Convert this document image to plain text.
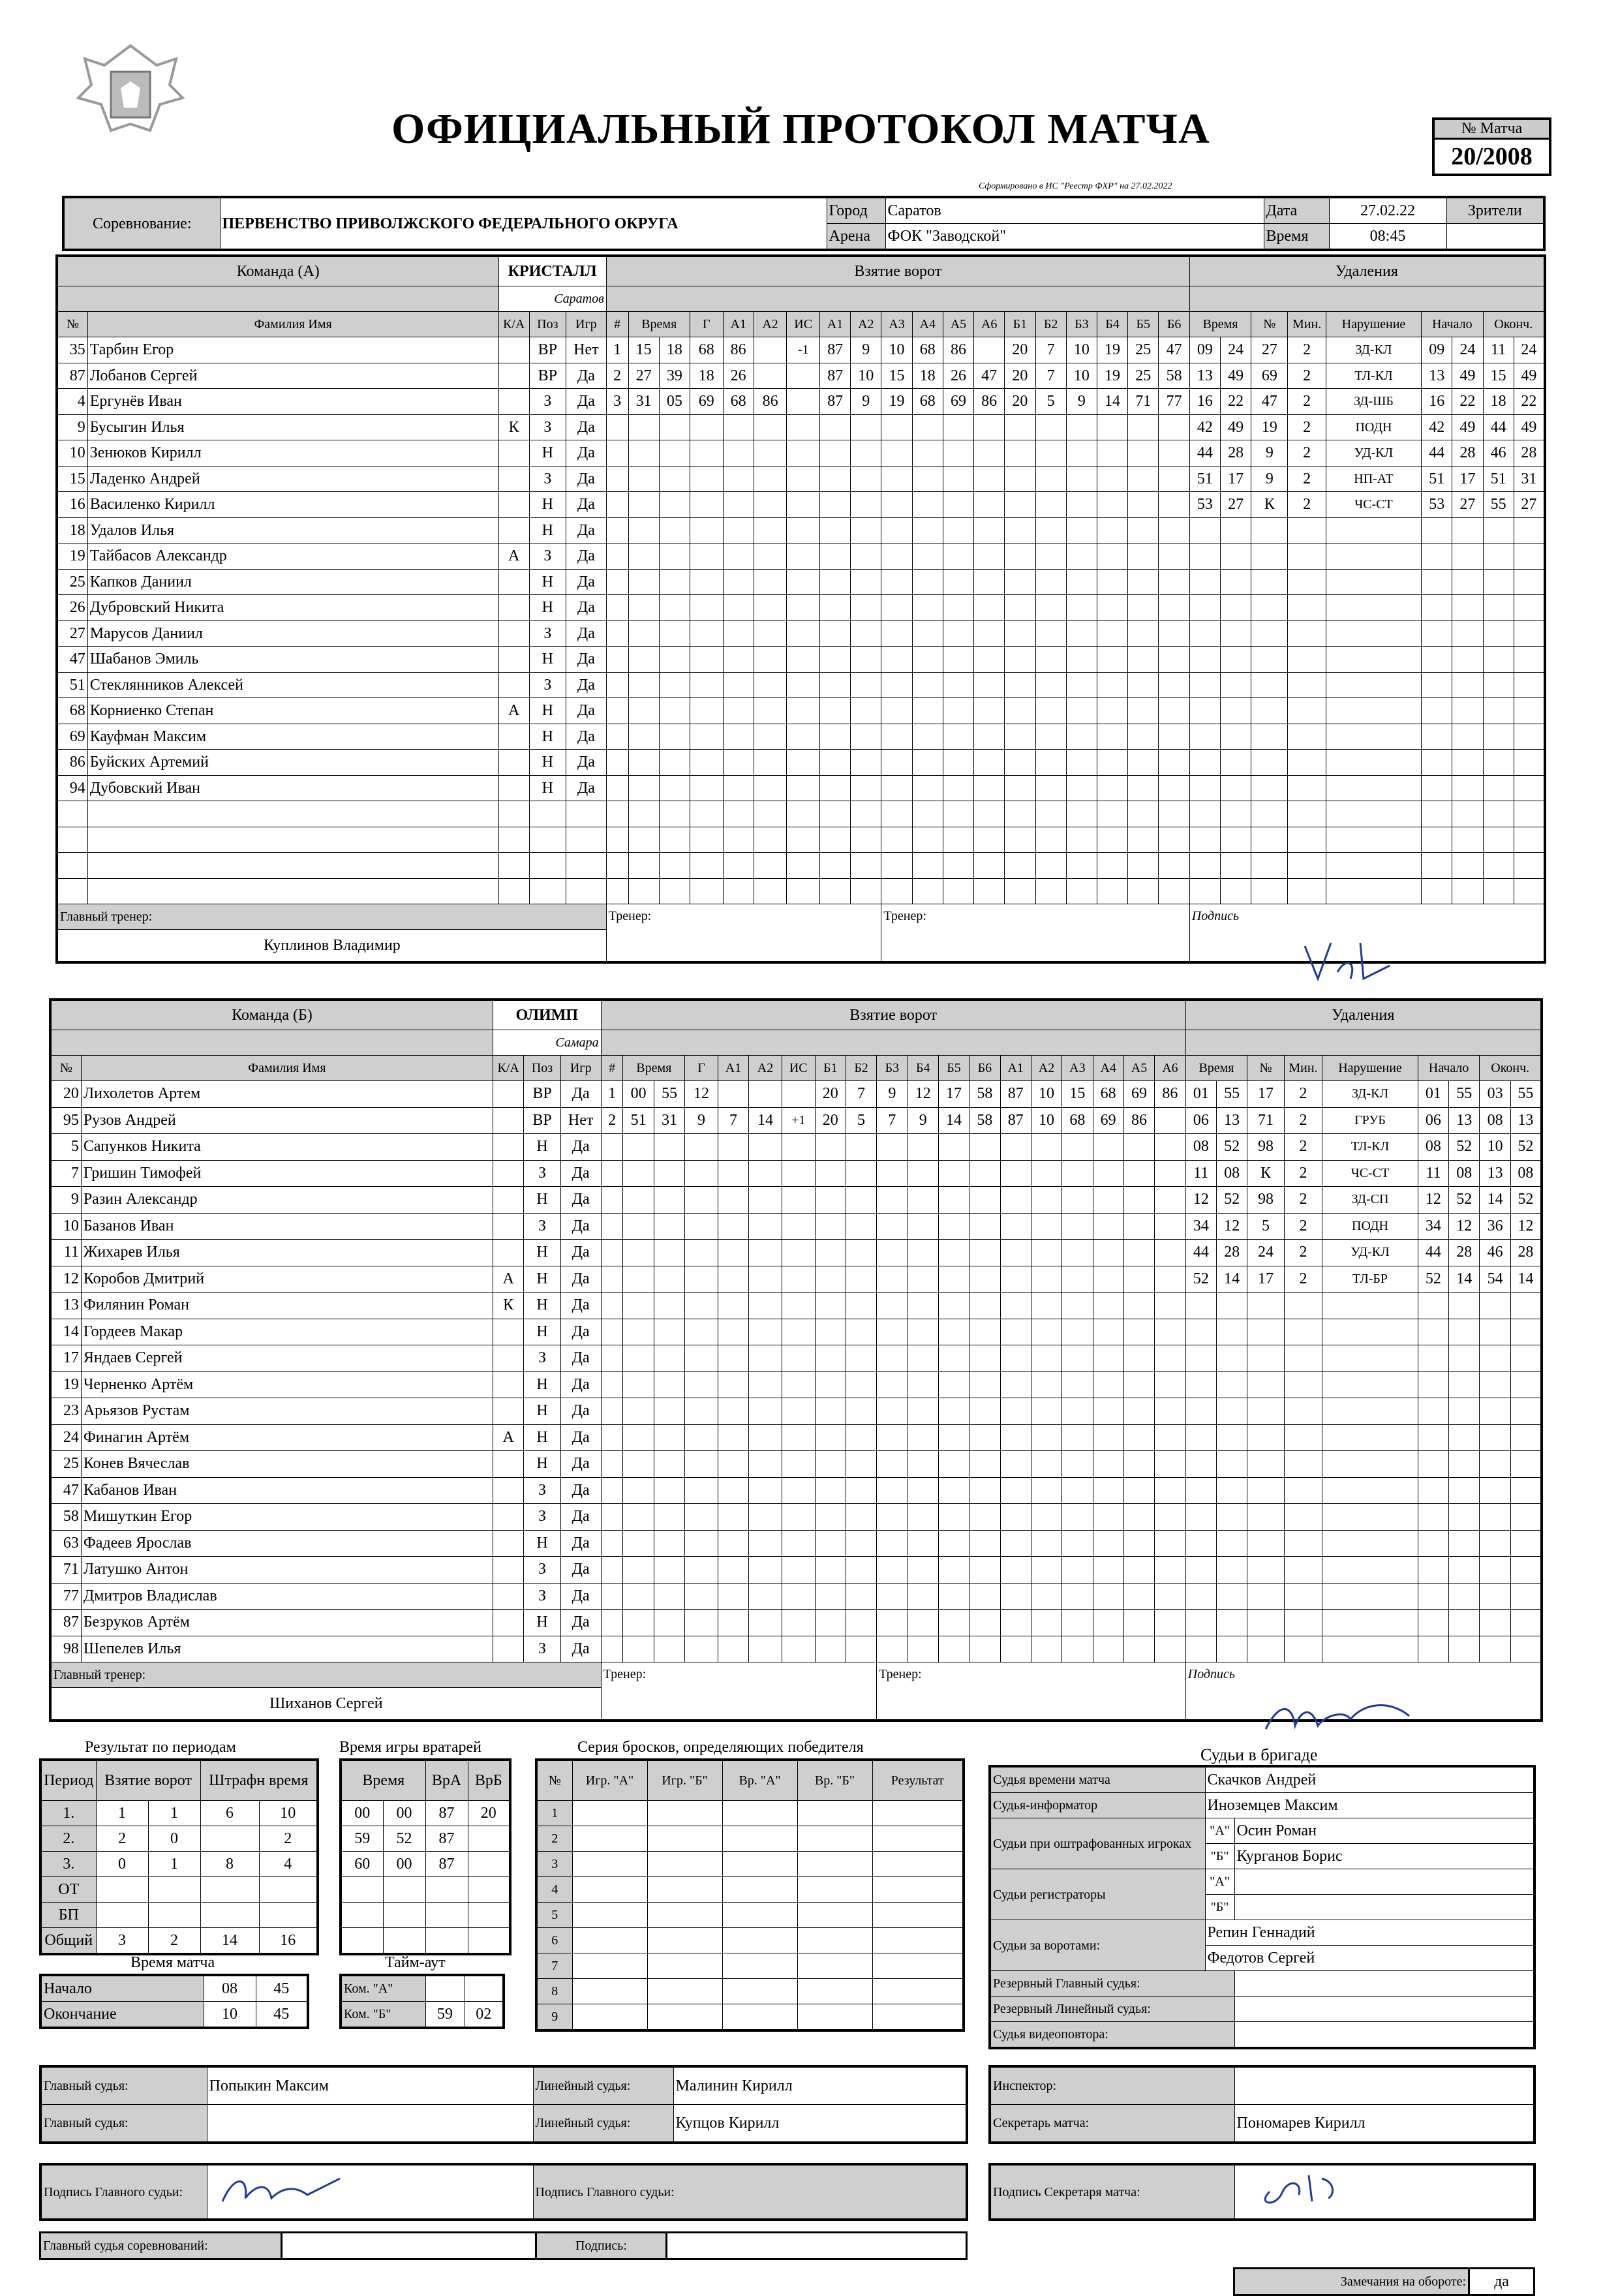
ОФИЦИАЛЬНЫЙ ПРОТОКОЛ МАТЧА
Сформировано в ИС "Реестр ФХР" на 27.02.2022
№ Матча
20/2008
Соревнование:	ПЕРВЕНСТВО ПРИВОЛЖСКОГО ФЕДЕРАЛЬНОГО ОКРУГА	Город	Саратов	Дата	27.02.22	Зрители
		Арена	ФОК "Заводской"	Время	08:45	
Команда (А)		КРИСТАЛЛ			Взятие ворот																			Удаления								
		Саратов																														
№	Фамилия Имя	К/А	Поз	Игр	#	Время		Г	А1	А2	ИС	А1	А2	А3	А4	А5	А6	Б1	Б2	Б3	Б4	Б5	Б6	Время		№	Мин.	Нарушение	Начало		Оконч.	
35	Тарбин Егор		ВР	Нет	1	15	18	68	86		-1	87	9	10	68	86		20	7	10	19	25	47	09	24	27	2	ЗД-КЛ	09	24	11	24
87	Лобанов Сергей		ВР	Да	2	27	39	18	26			87	10	15	18	26	47	20	7	10	19	25	58	13	49	69	2	ТЛ-КЛ	13	49	15	49
4	Ергунёв Иван		З	Да	3	31	05	69	68	86		87	9	19	68	69	86	20	5	9	14	71	77	16	22	47	2	ЗД-ШБ	16	22	18	22
9	Бусыгин Илья	К	З	Да																				42	49	19	2	ПОДН	42	49	44	49
10	Зенюков Кирилл		Н	Да																				44	28	9	2	УД-КЛ	44	28	46	28
15	Ладенко Андрей		З	Да																				51	17	9	2	НП-АТ	51	17	51	31
16	Василенко Кирилл		Н	Да																				53	27	К	2	ЧС-СТ	53	27	55	27
18	Удалов Илья		Н	Да																												
19	Тайбасов Александр	А	З	Да																												
25	Капков Даниил		Н	Да																												
26	Дубровский Никита		Н	Да																												
27	Марусов Даниил		З	Да																												
47	Шабанов Эмиль		Н	Да																												
51	Стеклянников Алексей		З	Да																												
68	Корниенко Степан	А	Н	Да																												
69	Кауфман Максим		Н	Да																												
86	Буйских Артемий		Н	Да																												
94	Дубовский Иван		Н	Да																												

Главный тренер:					Тренер:									Тренер:										Подпись								
Куплинов Владимир																																
Команда (Б)		ОЛИМП			Взятие ворот																			Удаления								
		Самара																														
№	Фамилия Имя	К/А	Поз	Игр	#	Время		Г	А1	А2	ИС	Б1	Б2	Б3	Б4	Б5	Б6	А1	А2	А3	А4	А5	А6	Время		№	Мин.	Нарушение	Начало		Оконч.	
20	Лихолетов Артем		ВР	Да	1	00	55	12				20	7	9	12	17	58	87	10	15	68	69	86	01	55	17	2	ЗД-КЛ	01	55	03	55
95	Рузов Андрей		ВР	Нет	2	51	31	9	7	14	+1	20	5	7	9	14	58	87	10	68	69	86		06	13	71	2	ГРУБ	06	13	08	13
5	Сапунков Никита		Н	Да																				08	52	98	2	ТЛ-КЛ	08	52	10	52
7	Гришин Тимофей		З	Да																				11	08	К	2	ЧС-СТ	11	08	13	08
9	Разин Александр		Н	Да																				12	52	98	2	ЗД-СП	12	52	14	52
10	Базанов Иван		З	Да																				34	12	5	2	ПОДН	34	12	36	12
11	Жихарев Илья		Н	Да																				44	28	24	2	УД-КЛ	44	28	46	28
12	Коробов Дмитрий	А	Н	Да																				52	14	17	2	ТЛ-БР	52	14	54	14
13	Филянин Роман	К	Н	Да																												
14	Гордеев Макар		Н	Да																												
17	Яндаев Сергей		З	Да																												
19	Черненко Артём		Н	Да																												
23	Арьязов Рустам		Н	Да																												
24	Финагин Артём	А	Н	Да																												
25	Конев Вячеслав		Н	Да																												
47	Кабанов Иван		З	Да																												
58	Мишуткин Егор		З	Да																												
63	Фадеев Ярослав		Н	Да																												
71	Латушко Антон		З	Да																												
77	Дмитров Владислав		З	Да																												
87	Безруков Артём		Н	Да																												
98	Шепелев Илья		З	Да																												
Главный тренер:					Тренер:									Тренер:										Подпись								
Шиханов Сергей																																
Результат по периодам
Период	Взятие ворот		Штрафн время	
1.	1	1	6	10
2.	2	0		2
3.	0	1	8	4
ОТ				
БП				
Общий	3	2	14	16
Время матча
Начало	08	45
Окончание	10	45
Время игры вратарей
Время		ВрА	ВрБ
00	00	87	20
59	52	87	
60	00	87	

Тайм-аут
Ком. "А"		
Ком. "Б"	59	02
Серия бросков, определяющих победителя
№	Игр. "А"	Игр. "Б"	Вр. "А"	Вр. "Б"	Результат
1					
2					
3					
4					
5					
6					
7					
8					
9					
Судьи в бригаде
Судья времени матча	Скачков Андрей	
Судья-информатор	Иноземцев Максим	
Судьи при оштрафованных игроках	"А"	Осин Роман
	"Б"	Курганов Борис
Судьи регистраторы	"А"	
	"Б"	
Судьи за воротами:	Репин Геннадий	
	Федотов Сергей	
Резервный Главный судья:		
Резервный Линейный судья:		
Судья видеоповтора:		
Главный судья:	Попыкин Максим	Линейный судья:	Малинин Кирилл
Главный судья:		Линейный судья:	Купцов Кирилл
Инспектор:	
Секретарь матча:	Пономарев Кирилл
Подпись Главного судьи:		Подпись Главного судьи:	Подпись Секретаря матча:	
Главный судья соревнований:		Подпись:	
Замечания на обороте:	да
